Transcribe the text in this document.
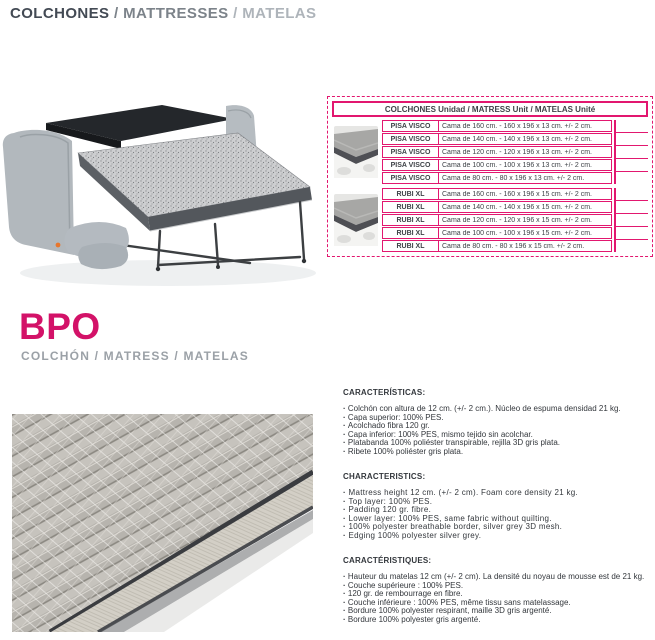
COLCHONES / MATTRESSES / MATELAS
COLCHONES Unidad / MATRESS Unit / MATELAS Unité
PISA VISCO	Cama de 160 cm. - 160 x 196 x 13 cm. +/- 2 cm.
PISA VISCO	Cama de 140 cm. - 140 x 196 x 13 cm. +/- 2 cm.
PISA VISCO	Cama de 120 cm. - 120 x 196 x 13 cm. +/- 2 cm.
PISA VISCO	Cama de 100 cm. - 100 x 196 x 13 cm. +/- 2 cm.
PISA VISCO	Cama de 80 cm. - 80 x 196 x 13 cm. +/- 2 cm.
RUBI XL	Cama de 160 cm. - 160 x 196 x 15 cm. +/- 2 cm.
RUBI XL	Cama de 140 cm. - 140 x 196 x 15 cm. +/- 2 cm.
RUBI XL	Cama de 120 cm. - 120 x 196 x 15 cm. +/- 2 cm.
RUBI XL	Cama de 100 cm. - 100 x 196 x 15 cm. +/- 2 cm.
RUBI XL	Cama de 80 cm. - 80 x 196 x 15 cm. +/- 2 cm.
BPO
COLCHÓN / MATRESS / MATELAS
CARACTERÍSTICAS:
· Colchón con altura de 12 cm. (+/- 2 cm.). Núcleo de espuma densidad 21 kg.
· Capa superior: 100% PES.
· Acolchado fibra 120 gr.
· Capa inferior: 100% PES, mismo tejido sin acolchar.
· Platabanda 100% poliéster transpirable, rejilla 3D gris plata.
· Ribete 100% poliéster gris plata.
CHARACTERISTICS:
· Mattress height 12 cm. (+/- 2 cm). Foam core density 21 kg.
· Top layer: 100% PES.
· Padding 120 gr. fibre.
· Lower layer: 100% PES, same fabric without quilting.
· 100% polyester breathable border, silver grey 3D mesh.
· Edging 100% polyester silver grey.
CARACTÉRISTIQUES:
· Hauteur du matelas 12 cm (+/- 2 cm). La densité du noyau de mousse est de 21 kg.
· Couche supérieure : 100% PES.
· 120 gr. de rembourrage en fibre.
· Couche inférieure : 100% PES, même tissu sans matelassage.
· Bordure 100% polyester respirant, maille 3D gris argenté.
· Bordure 100% polyester gris argenté.
